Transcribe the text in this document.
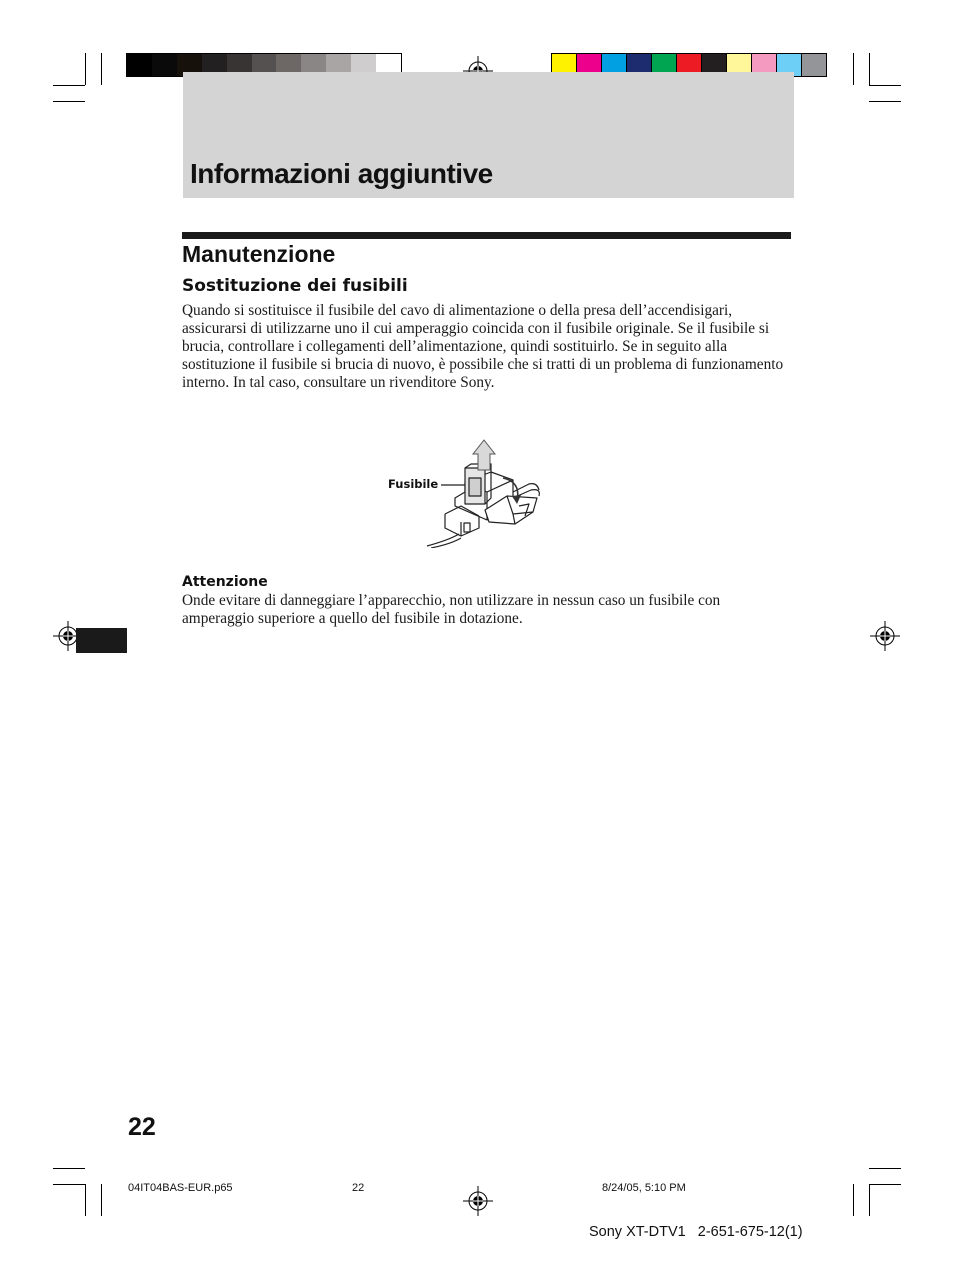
Informazioni aggiuntive
Manutenzione
Sostituzione dei fusibili

Quando si sostituisce il fusibile del cavo di alimentazione o della presa dell’accendisigari, assicurarsi di utilizzarne uno il cui amperaggio coincida con il fusibile originale. Se il fusibile si brucia, controllare i collegamenti dell’alimentazione, quindi sostituirlo. Se in seguito alla sostituzione il fusibile si brucia di nuovo, è possibile che si tratti di un problema di funzionamento interno. In tal caso, consultare un rivenditore Sony.

Fusibile
Attenzione

Onde evitare di danneggiare l’apparecchio, non utilizzare in nessun caso un fusibile con amperaggio superiore a quello del fusibile in dotazione.

22
04IT04BAS-EUR.p65	22	8/24/05, 5:10 PM
Sony XT-DTV1   2-651-675-12(1)
